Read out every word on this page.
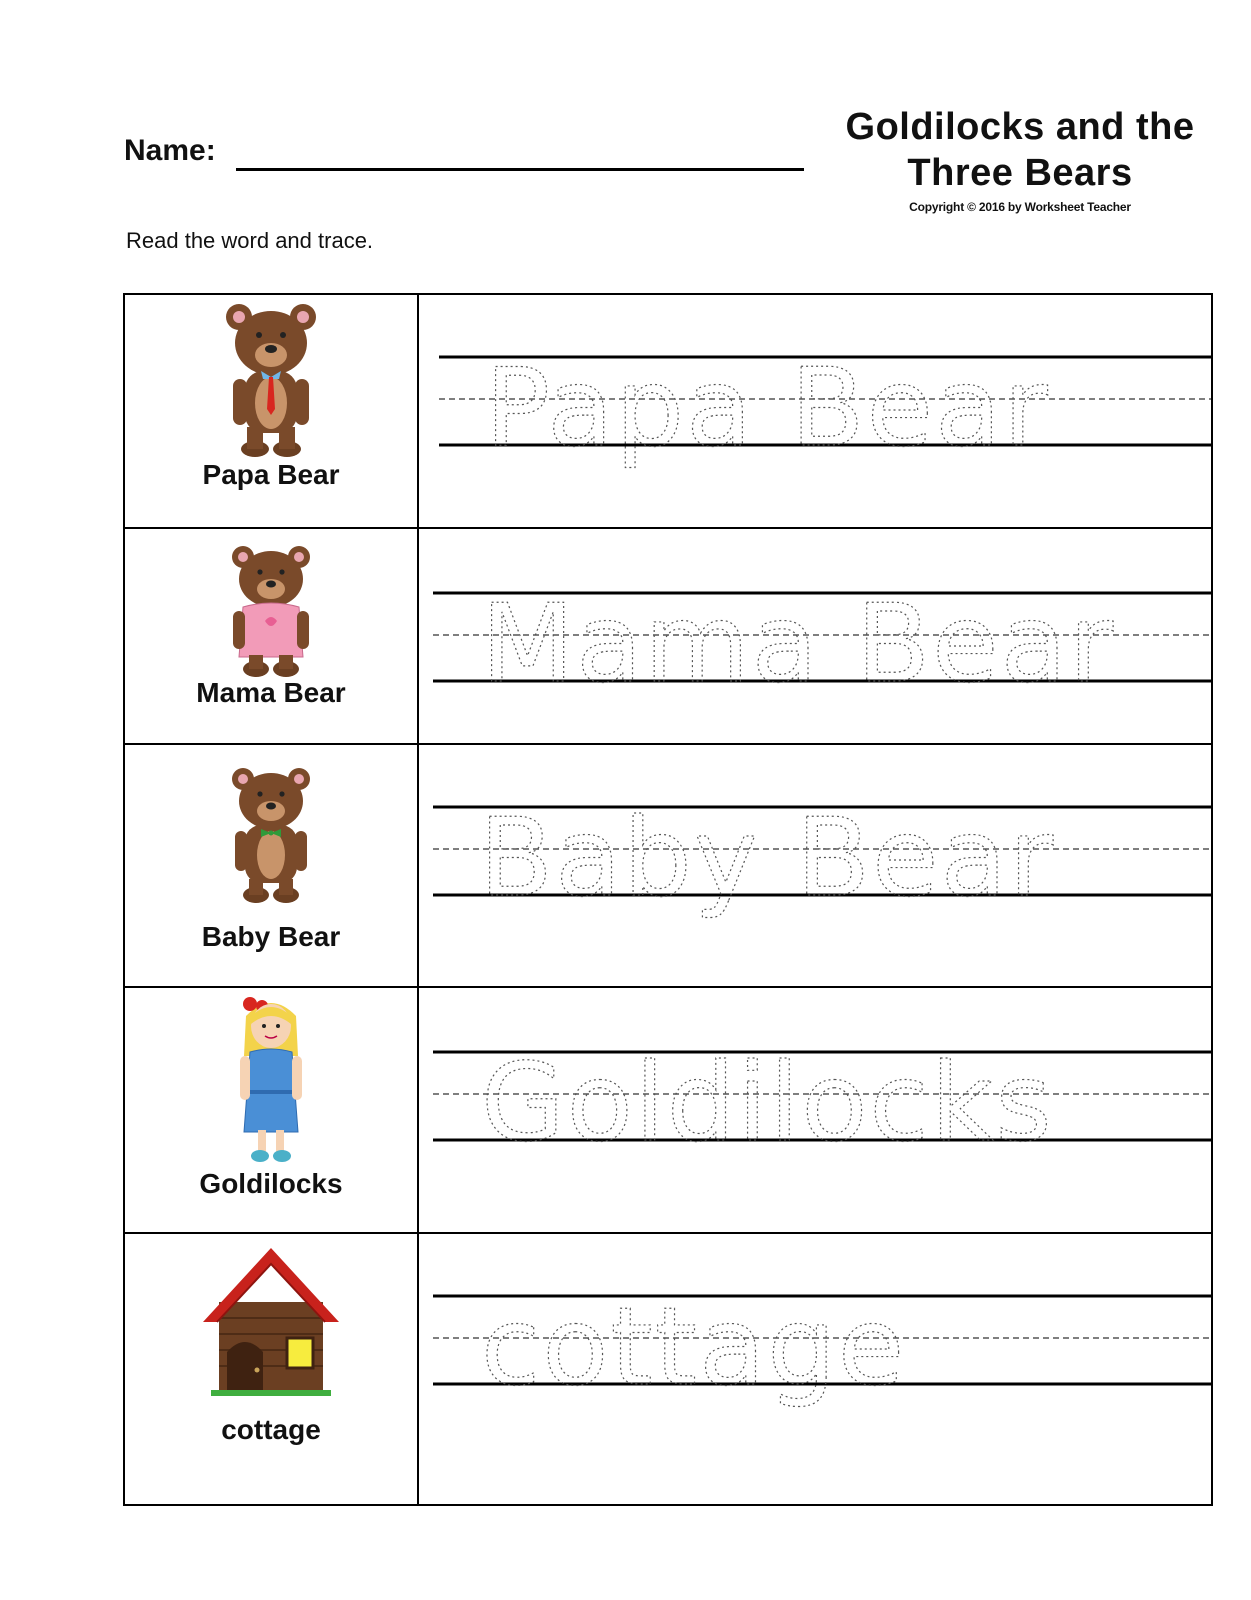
Name:
Goldilocks and the
Three Bears
Copyright © 2016 by Worksheet Teacher
Read the word and trace.
Papa Bear
Papa Bear
Mama Bear	Mama Bear
Baby Bear
Baby Bear
Goldilocks
Goldilocks
cottage
cottage
